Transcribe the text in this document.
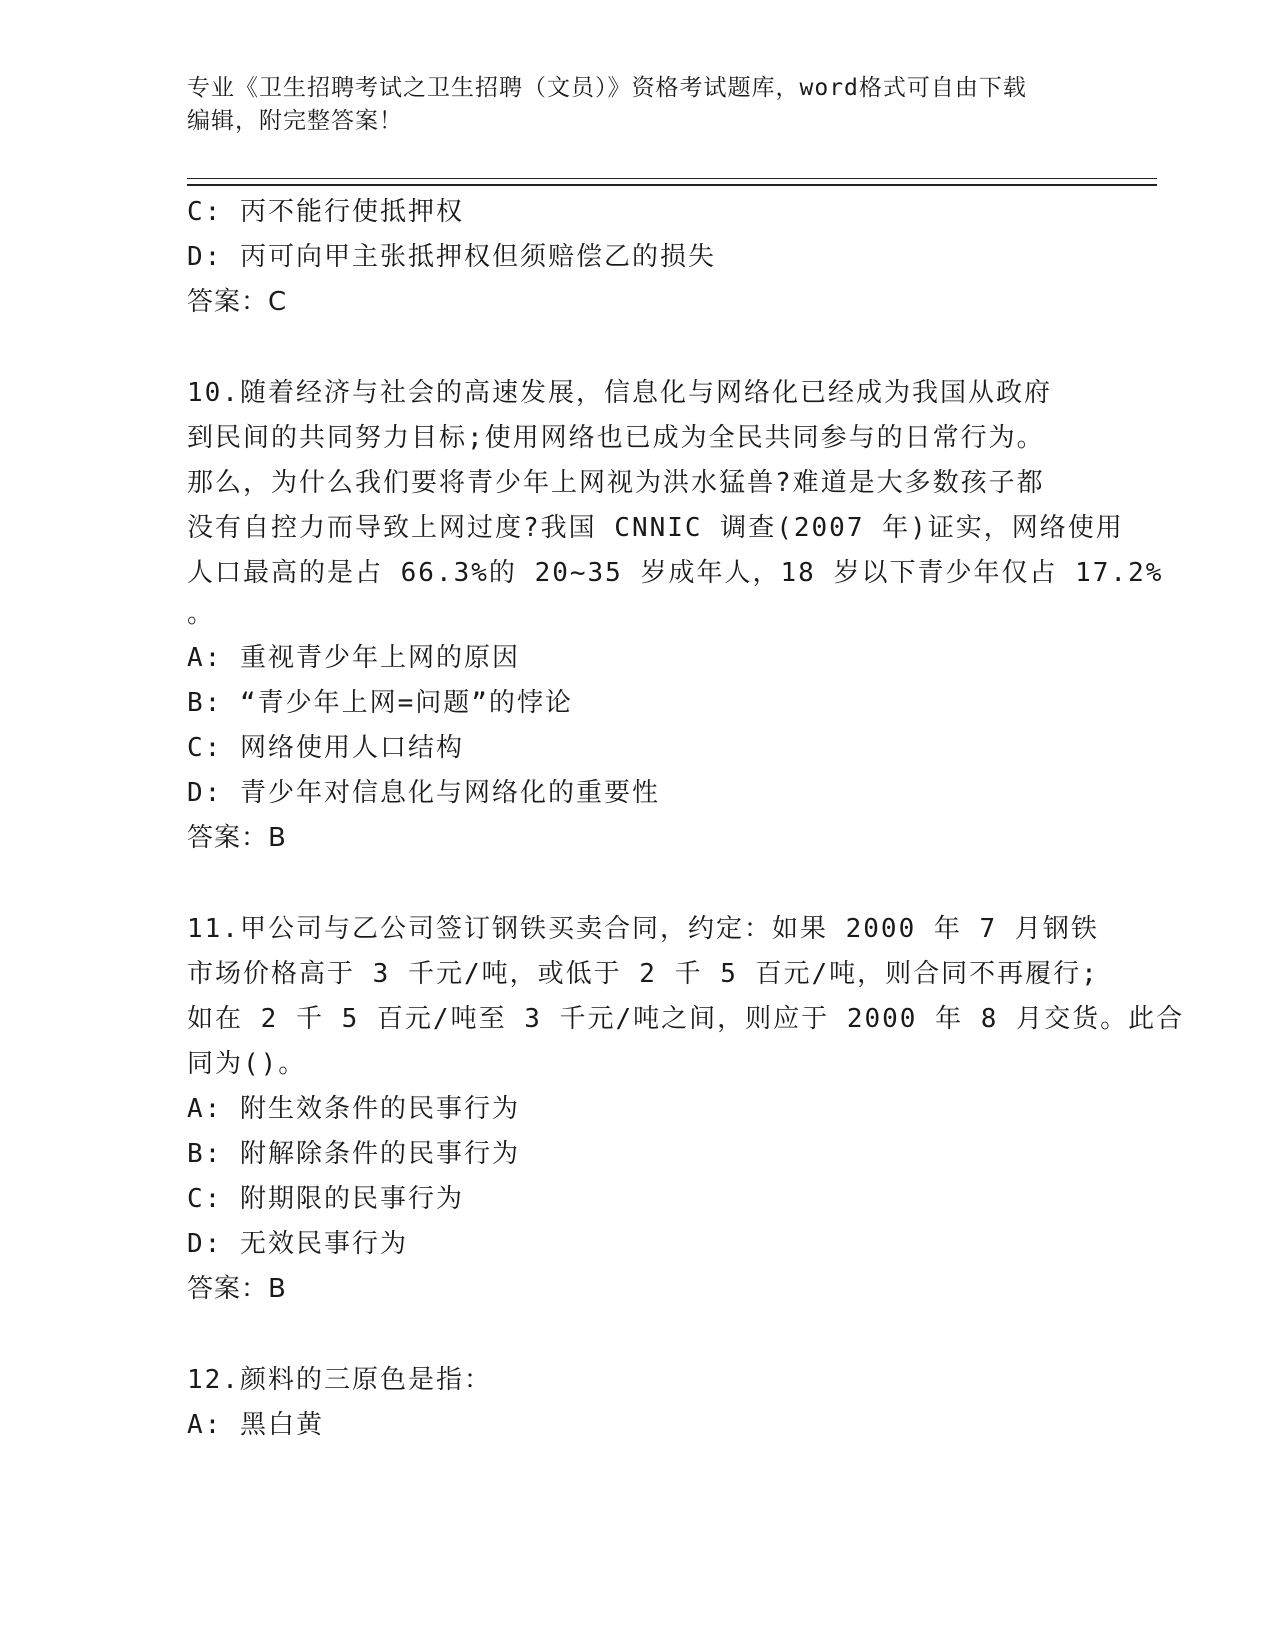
专业《卫生招聘考试之卫生招聘（文员）》资格考试题库，word格式可自由下载
编辑，附完整答案！
C: 丙不能行使抵押权
D: 丙可向甲主张抵押权但须赔偿乙的损失
答案：C
10.随着经济与社会的高速发展，信息化与网络化已经成为我国从政府
到民间的共同努力目标;使用网络也已成为全民共同参与的日常行为。
那么，为什么我们要将青少年上网视为洪水猛兽?难道是大多数孩子都
没有自控力而导致上网过度?我国 CNNIC 调查(2007 年)证实，网络使用
人口最高的是占 66.3%的 20~35 岁成年人，18 岁以下青少年仅占 17.2%
。
A: 重视青少年上网的原因
B: “青少年上网=问题”的悖论
C: 网络使用人口结构
D: 青少年对信息化与网络化的重要性
答案：B
11.甲公司与乙公司签订钢铁买卖合同，约定：如果 2000 年 7 月钢铁
市场价格高于 3 千元/吨，或低于 2 千 5 百元/吨，则合同不再履行;
如在 2 千 5 百元/吨至 3 千元/吨之间，则应于 2000 年 8 月交货。此合
同为()。
A: 附生效条件的民事行为
B: 附解除条件的民事行为
C: 附期限的民事行为
D: 无效民事行为
答案：B
12.颜料的三原色是指：
A: 黑白黄
